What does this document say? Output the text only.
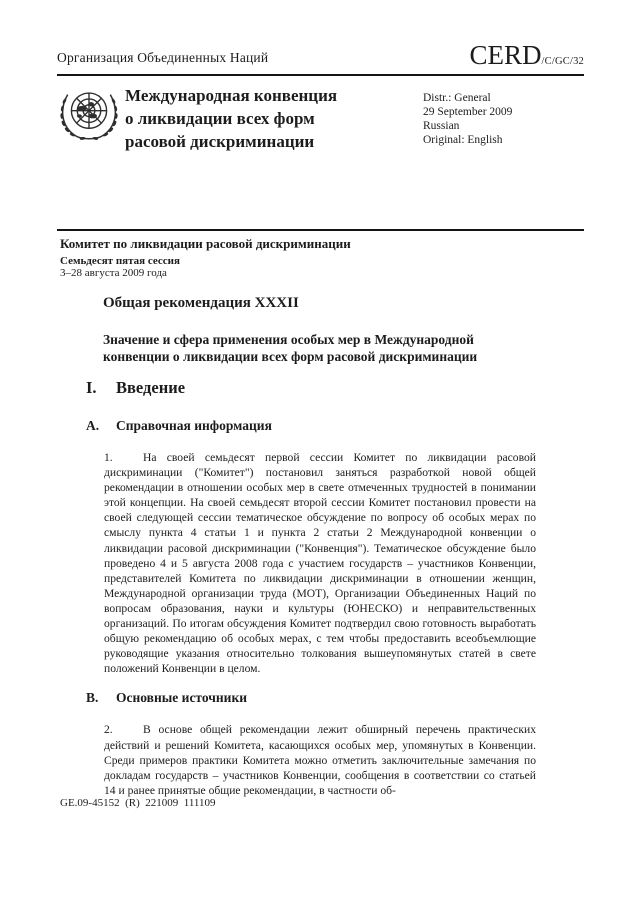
Организация Объединенных Наций	CERD/C/GC/32
Международная конвенция
о ликвидации всех форм
расовой дискриминации
Distr.: General
29 September 2009
Russian
Original: English
Комитет по ликвидации расовой дискриминации
Семьдесят пятая сессия
3–28 августа 2009 года
Общая рекомендация XXXII
Значение и сфера применения особых мер в Международной конвенции о ликвидации всех форм расовой дискриминации
I.	Введение
A.	Справочная информация

1.	На своей семьдесят первой сессии Комитет по ликвидации расовой дискриминации ("Комитет") постановил заняться разработкой новой общей рекомендации в отношении особых мер в свете отмеченных трудностей в понимании этой концепции. На своей семьдесят второй сессии Комитет постановил провести на своей следующей сессии тематическое обсуждение по вопросу об особых мерах по смыслу пункта 4 статьи 1 и пункта 2 статьи 2 Международной конвенции о ликвидации расовой дискриминации ("Конвенция"). Тематическое обсуждение было проведено 4 и 5 августа 2008 года с участием государств – участников Конвенции, представителей Комитета по ликвидации дискриминации в отношении женщин, Международной организации труда (МОТ), Организации Объединенных Наций по вопросам образования, науки и культуры (ЮНЕСКО) и неправительственных организаций. По итогам обсуждения Комитет подтвердил свою готовность выработать общую рекомендацию об особых мерах, с тем чтобы предоставить всеобъемлющие руководящие указания относительно толкования вышеупомянутых статей в свете положений Конвенции в целом.

B.	Основные источники

2.	В основе общей рекомендации лежит обширный перечень практических действий и решений Комитета, касающихся особых мер, упомянутых в Конвенции. Среди примеров практики Комитета можно отметить заключительные замечания по докладам государств – участников Конвенции, сообщения в соответствии со статьей 14 и ранее принятые общие рекомендации, в частности об-

GE.09-45152  (R)  221009  111109
